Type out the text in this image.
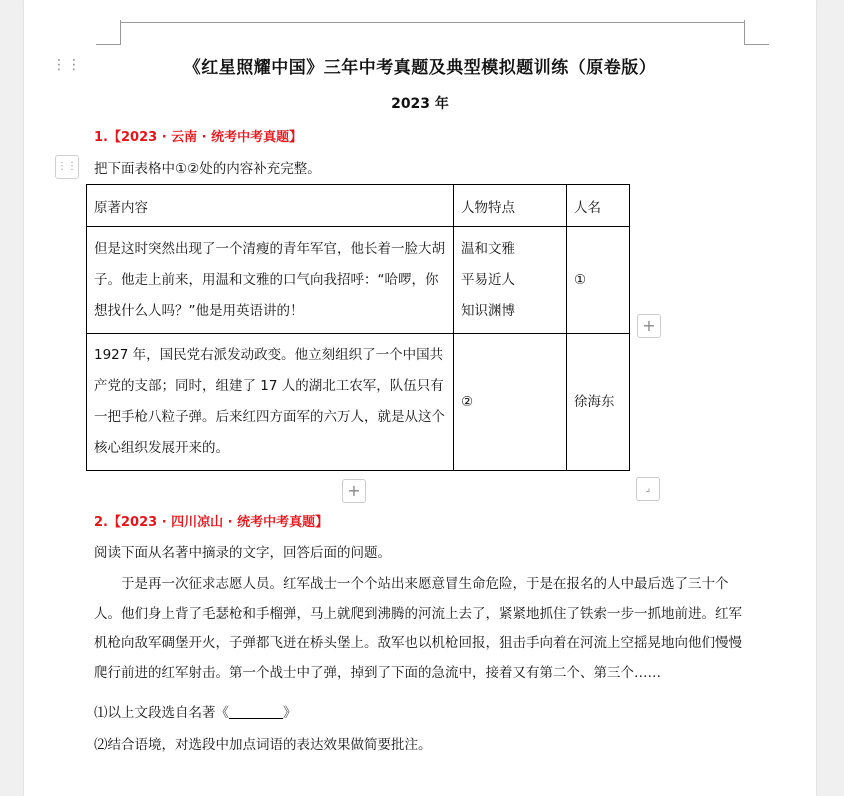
⋮⋮	《红星照耀中国》三年中考真题及典型模拟题训练（原卷版）
2023 年
1.【2023 · 云南 · 统考中考真题】
⋮⋮ 把下面表格中①②处的内容补充完整。
原著内容	人物特点	人名
但是这时突然出现了一个清瘦的青年军官，他长着一脸大胡子。他走上前来，用温和文雅的口气向我招呼：“哈啰，你想找什么人吗？”他是用英语讲的！	温和文雅
平易近人
知识渊博	①
1927 年，国民党右派发动政变。他立刻组织了一个中国共产党的支部；同时，组建了 17 人的湖北工农军，队伍只有一把手枪八粒子弹。后来红四方面军的六万人，就是从这个核心组织发展开来的。	②	徐海东
+
+	⌟
2.【2023 · 四川凉山 · 统考中考真题】
阅读下面从名著中摘录的文字，回答后面的问题。

于是再一次征求志愿人员。红军战士一个个站出来愿意冒生命危险，于是在报名的人中最后选了三十个人。他们身上背了毛瑟枪和手榴弹，马上就爬到沸腾的河流上去了，紧紧地抓住了铁索一步一抓地前进。红军机枪向敌军碉堡开火，子弹都飞迸在桥头堡上。敌军也以机枪回报，狙击手向着在河流上空摇晃地向他们慢慢爬行前进的红军射击。第一个战士中了弹，掉到了下面的急流中，接着又有第二个、第三个……

⑴以上文段选自名著《	》
⑵结合语境，对选段中加点词语的表达效果做简要批注。
